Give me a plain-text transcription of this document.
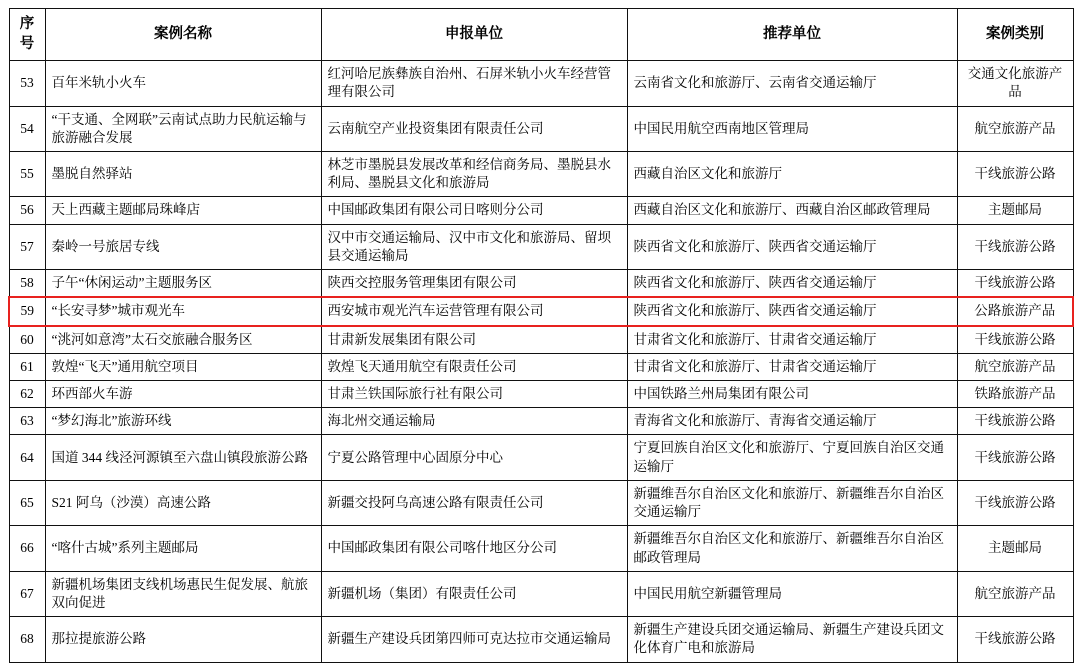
序号	案例名称	申报单位	推荐单位	案例类别
53	百年米轨小火车	红河哈尼族彝族自治州、石屏米轨小火车经营管理有限公司	云南省文化和旅游厅、云南省交通运输厅	交通文化旅游产品
54	“干支通、全网联”云南试点助力民航运输与旅游融合发展	云南航空产业投资集团有限责任公司	中国民用航空西南地区管理局	航空旅游产品
55	墨脱自然驿站	林芝市墨脱县发展改革和经信商务局、墨脱县水利局、墨脱县文化和旅游局	西藏自治区文化和旅游厅	干线旅游公路
56	天上西藏主题邮局珠峰店	中国邮政集团有限公司日喀则分公司	西藏自治区文化和旅游厅、西藏自治区邮政管理局	主题邮局
57	秦岭一号旅居专线	汉中市交通运输局、汉中市文化和旅游局、留坝县交通运输局	陕西省文化和旅游厅、陕西省交通运输厅	干线旅游公路
58	子午“休闲运动”主题服务区	陕西交控服务管理集团有限公司	陕西省文化和旅游厅、陕西省交通运输厅	干线旅游公路
59	“长安寻梦”城市观光车	西安城市观光汽车运营管理有限公司	陕西省文化和旅游厅、陕西省交通运输厅	公路旅游产品
60	“洮河如意湾”太石交旅融合服务区	甘肃新发展集团有限公司	甘肃省文化和旅游厅、甘肃省交通运输厅	干线旅游公路
61	敦煌“飞天”通用航空项目	敦煌飞天通用航空有限责任公司	甘肃省文化和旅游厅、甘肃省交通运输厅	航空旅游产品
62	环西部火车游	甘肃兰铁国际旅行社有限公司	中国铁路兰州局集团有限公司	铁路旅游产品
63	“梦幻海北”旅游环线	海北州交通运输局	青海省文化和旅游厅、青海省交通运输厅	干线旅游公路
64	国道 344 线泾河源镇至六盘山镇段旅游公路	宁夏公路管理中心固原分中心	宁夏回族自治区文化和旅游厅、宁夏回族自治区交通运输厅	干线旅游公路
65	S21 阿乌（沙漠）高速公路	新疆交投阿乌高速公路有限责任公司	新疆维吾尔自治区文化和旅游厅、新疆维吾尔自治区交通运输厅	干线旅游公路
66	“喀什古城”系列主题邮局	中国邮政集团有限公司喀什地区分公司	新疆维吾尔自治区文化和旅游厅、新疆维吾尔自治区邮政管理局	主题邮局
67	新疆机场集团支线机场惠民生促发展、航旅双向促进	新疆机场（集团）有限责任公司	中国民用航空新疆管理局	航空旅游产品
68	那拉提旅游公路	新疆生产建设兵团第四师可克达拉市交通运输局	新疆生产建设兵团交通运输局、新疆生产建设兵团文化体育广电和旅游局	干线旅游公路
